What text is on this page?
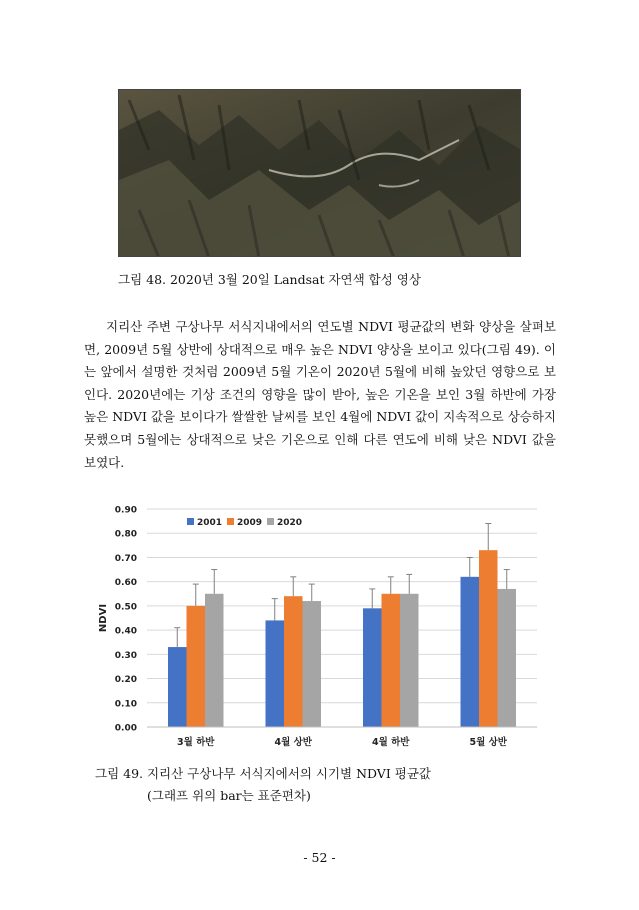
그림 48. 2020년 3월 20일 Landsat 자연색 합성 영상

지리산 주변 구상나무 서식지내에서의 연도별 NDVI 평균값의 변화 양상을 살펴보면, 2009년 5월 상반에 상대적으로 매우 높은 NDVI 양상을 보이고 있다(그림 49). 이는 앞에서 설명한 것처럼 2009년 5월 기온이 2020년 5월에 비해 높았던 영향으로 보인다. 2020년에는 기상 조건의 영향을 많이 받아, 높은 기온을 보인 3월 하반에 가장 높은 NDVI 값을 보이다가 쌀쌀한 날씨를 보인 4월에 NDVI 값이 지속적으로 상승하지 못했으며 5월에는 상대적으로 낮은 기온으로 인해 다른 연도에 비해 낮은 NDVI 값을 보였다.

0.00
0.10
0.20
0.30
0.40
0.50
0.60
0.70
0.80
0.90
NDVI
3월 하반	4월 상반	4월 하반	5월 상반
2001 2009 2020
그림 49. 지리산 구상나무 서식지에서의 시기별 NDVI 평균값
(그래프 위의 bar는 표준편차)
- 52 -
